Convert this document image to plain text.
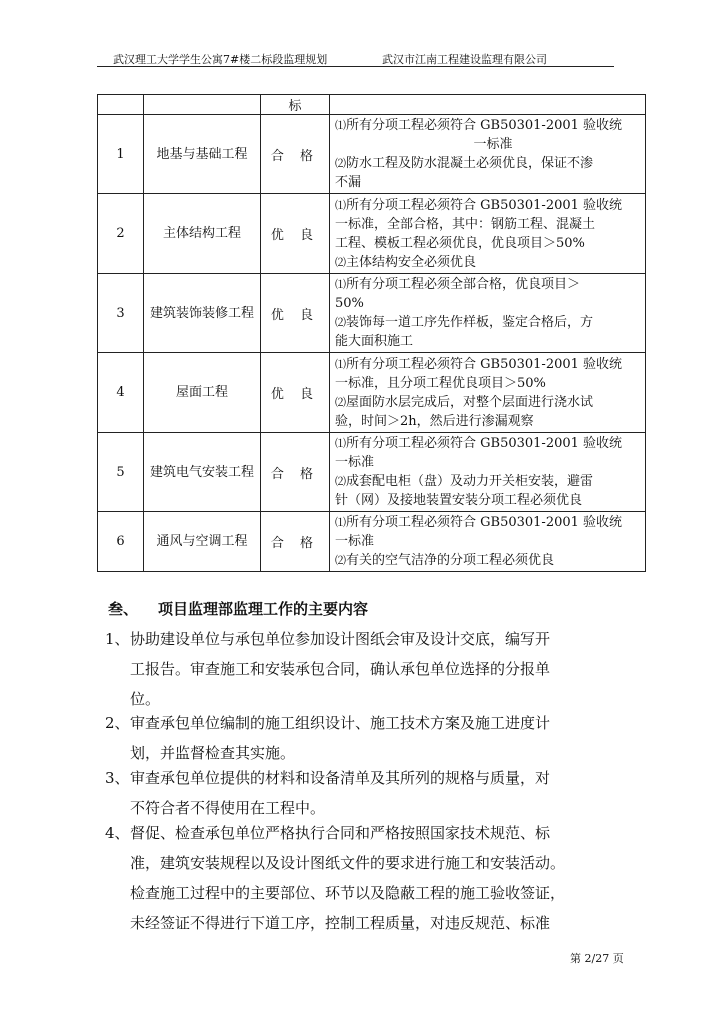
武汉理工大学学生公寓7#楼二标段监理规划	武汉市江南工程建设监理有限公司
		标	
1	地基与基础工程	合 格	⑴所有分项工程必须符合 GB50301-2001 验收统
一标准
⑵防水工程及防水混凝土必须优良，保证不渗
不漏

2	主体结构工程	优 良	⑴所有分项工程必须符合 GB50301-2001 验收统
一标准，全部合格，其中：钢筋工程、混凝土
工程、模板工程必须优良，优良项目＞50%
⑵主体结构安全必须优良

3	建筑装饰装修工程	优 良	⑴所有分项工程必须全部合格，优良项目＞
50%
⑵装饰每一道工序先作样板，鉴定合格后，方
能大面积施工

4	屋面工程	优 良	⑴所有分项工程必须符合 GB50301-2001 验收统
一标准，且分项工程优良项目＞50%
⑵屋面防水层完成后，对整个层面进行浇水试
验，时间＞2h，然后进行渗漏观察

5	建筑电气安装工程	合 格	⑴所有分项工程必须符合 GB50301-2001 验收统
一标准
⑵成套配电柜（盘）及动力开关柜安装，避雷
针（网）及接地装置安装分项工程必须优良

6	通风与空调工程	合 格	⑴所有分项工程必须符合 GB50301-2001 验收统
一标准
⑵有关的空气洁净的分项工程必须优良
叁、 项目监理部监理工作的主要内容
1、协助建设单位与承包单位参加设计图纸会审及设计交底，编写开
工报告。审查施工和安装承包合同，确认承包单位选择的分报单
位。
2、审查承包单位编制的施工组织设计、施工技术方案及施工进度计
划，并监督检查其实施。
3、审查承包单位提供的材料和设备清单及其所列的规格与质量，对
不符合者不得使用在工程中。
4、督促、检查承包单位严格执行合同和严格按照国家技术规范、标
准，建筑安装规程以及设计图纸文件的要求进行施工和安装活动。
检查施工过程中的主要部位、环节以及隐蔽工程的施工验收签证，
未经签证不得进行下道工序，控制工程质量，对违反规范、标准
第 2/27 页
